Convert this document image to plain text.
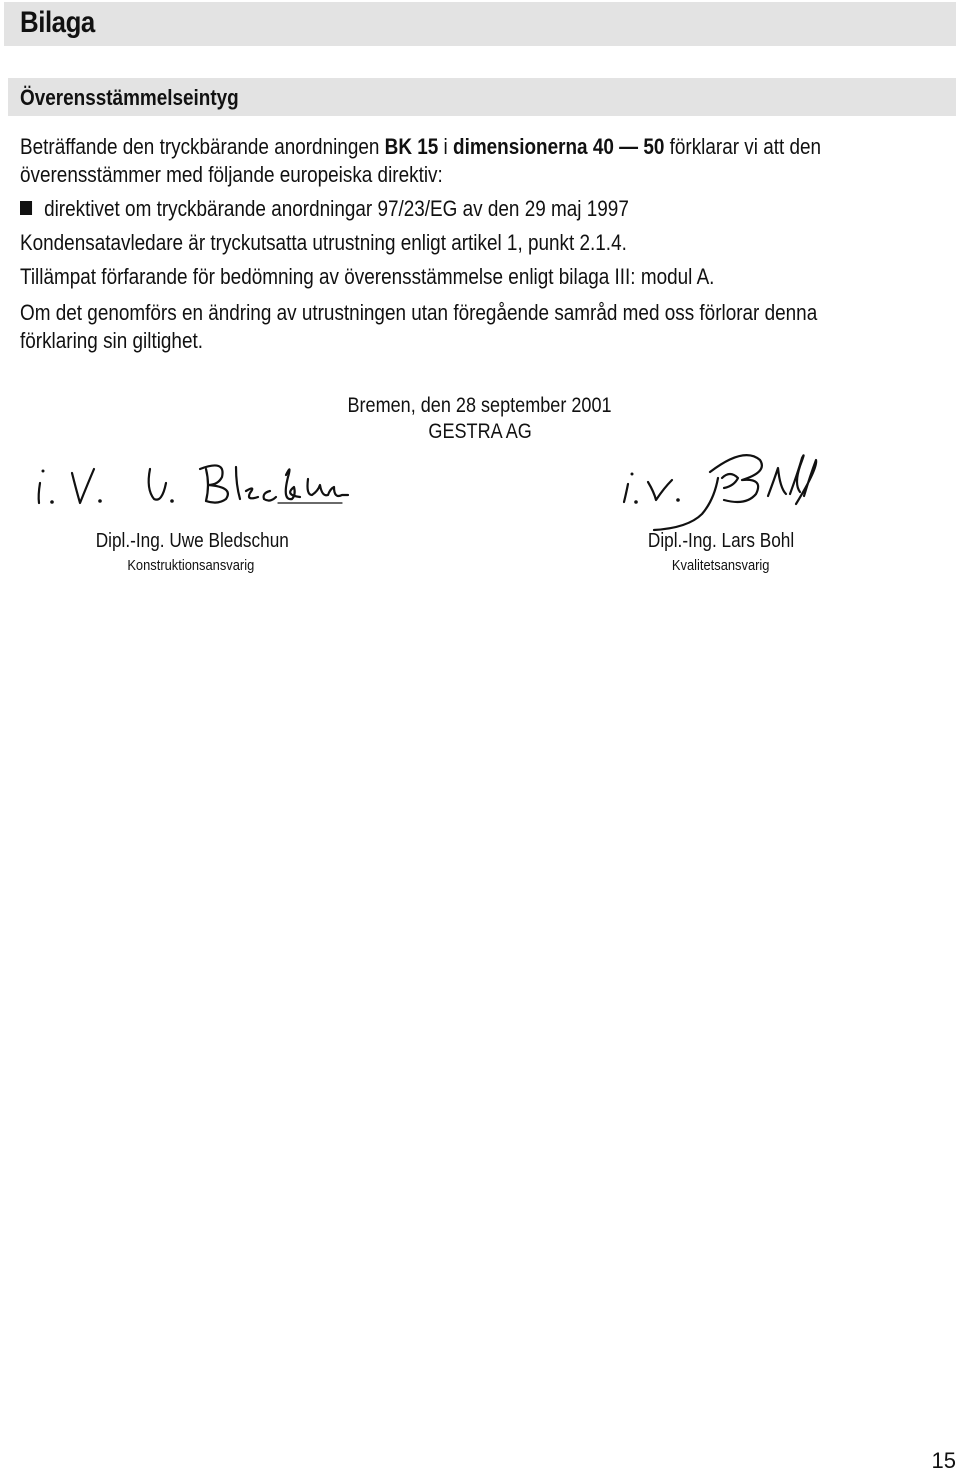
Bilaga
Överensstämmelseintyg
Beträffande den tryckbärande anordningen BK 15 i dimensionerna 40 — 50 förklarar vi att den
överensstämmer med följande europeiska direktiv:
direktivet om tryckbärande anordningar 97/23/EG av den 29 maj 1997
Kondensatavledare är tryckutsatta utrustning enligt artikel 1, punkt 2.1.4.
Tillämpat förfarande för bedömning av överensstämmelse enligt bilaga III: modul A.
Om det genomförs en ändring av utrustningen utan föregående samråd med oss förlorar denna
förklaring sin giltighet.
Bremen, den 28 september 2001
GESTRA AG
Dipl.-Ing. Uwe Bledschun
Konstruktionsansvarig
Dipl.-Ing. Lars Bohl
Kvalitetsansvarig
15
